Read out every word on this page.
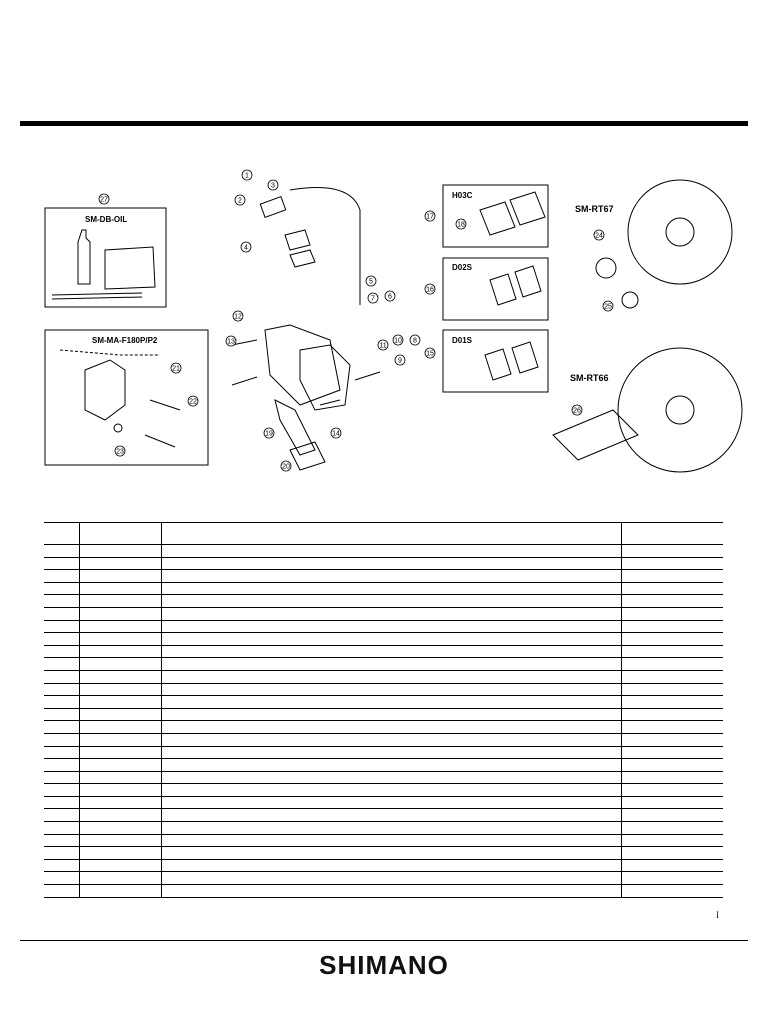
SM-DB-OIL
SM-MA-F180P/P2
H03C
D02S
D01S
SM-RT67
SM-RT66
1
2
3
4
5
6
7
8
9
10
11
12
13
14
15
16
17
18
19
20
21
22
23
24
25
26
27

I
SHIMANO
